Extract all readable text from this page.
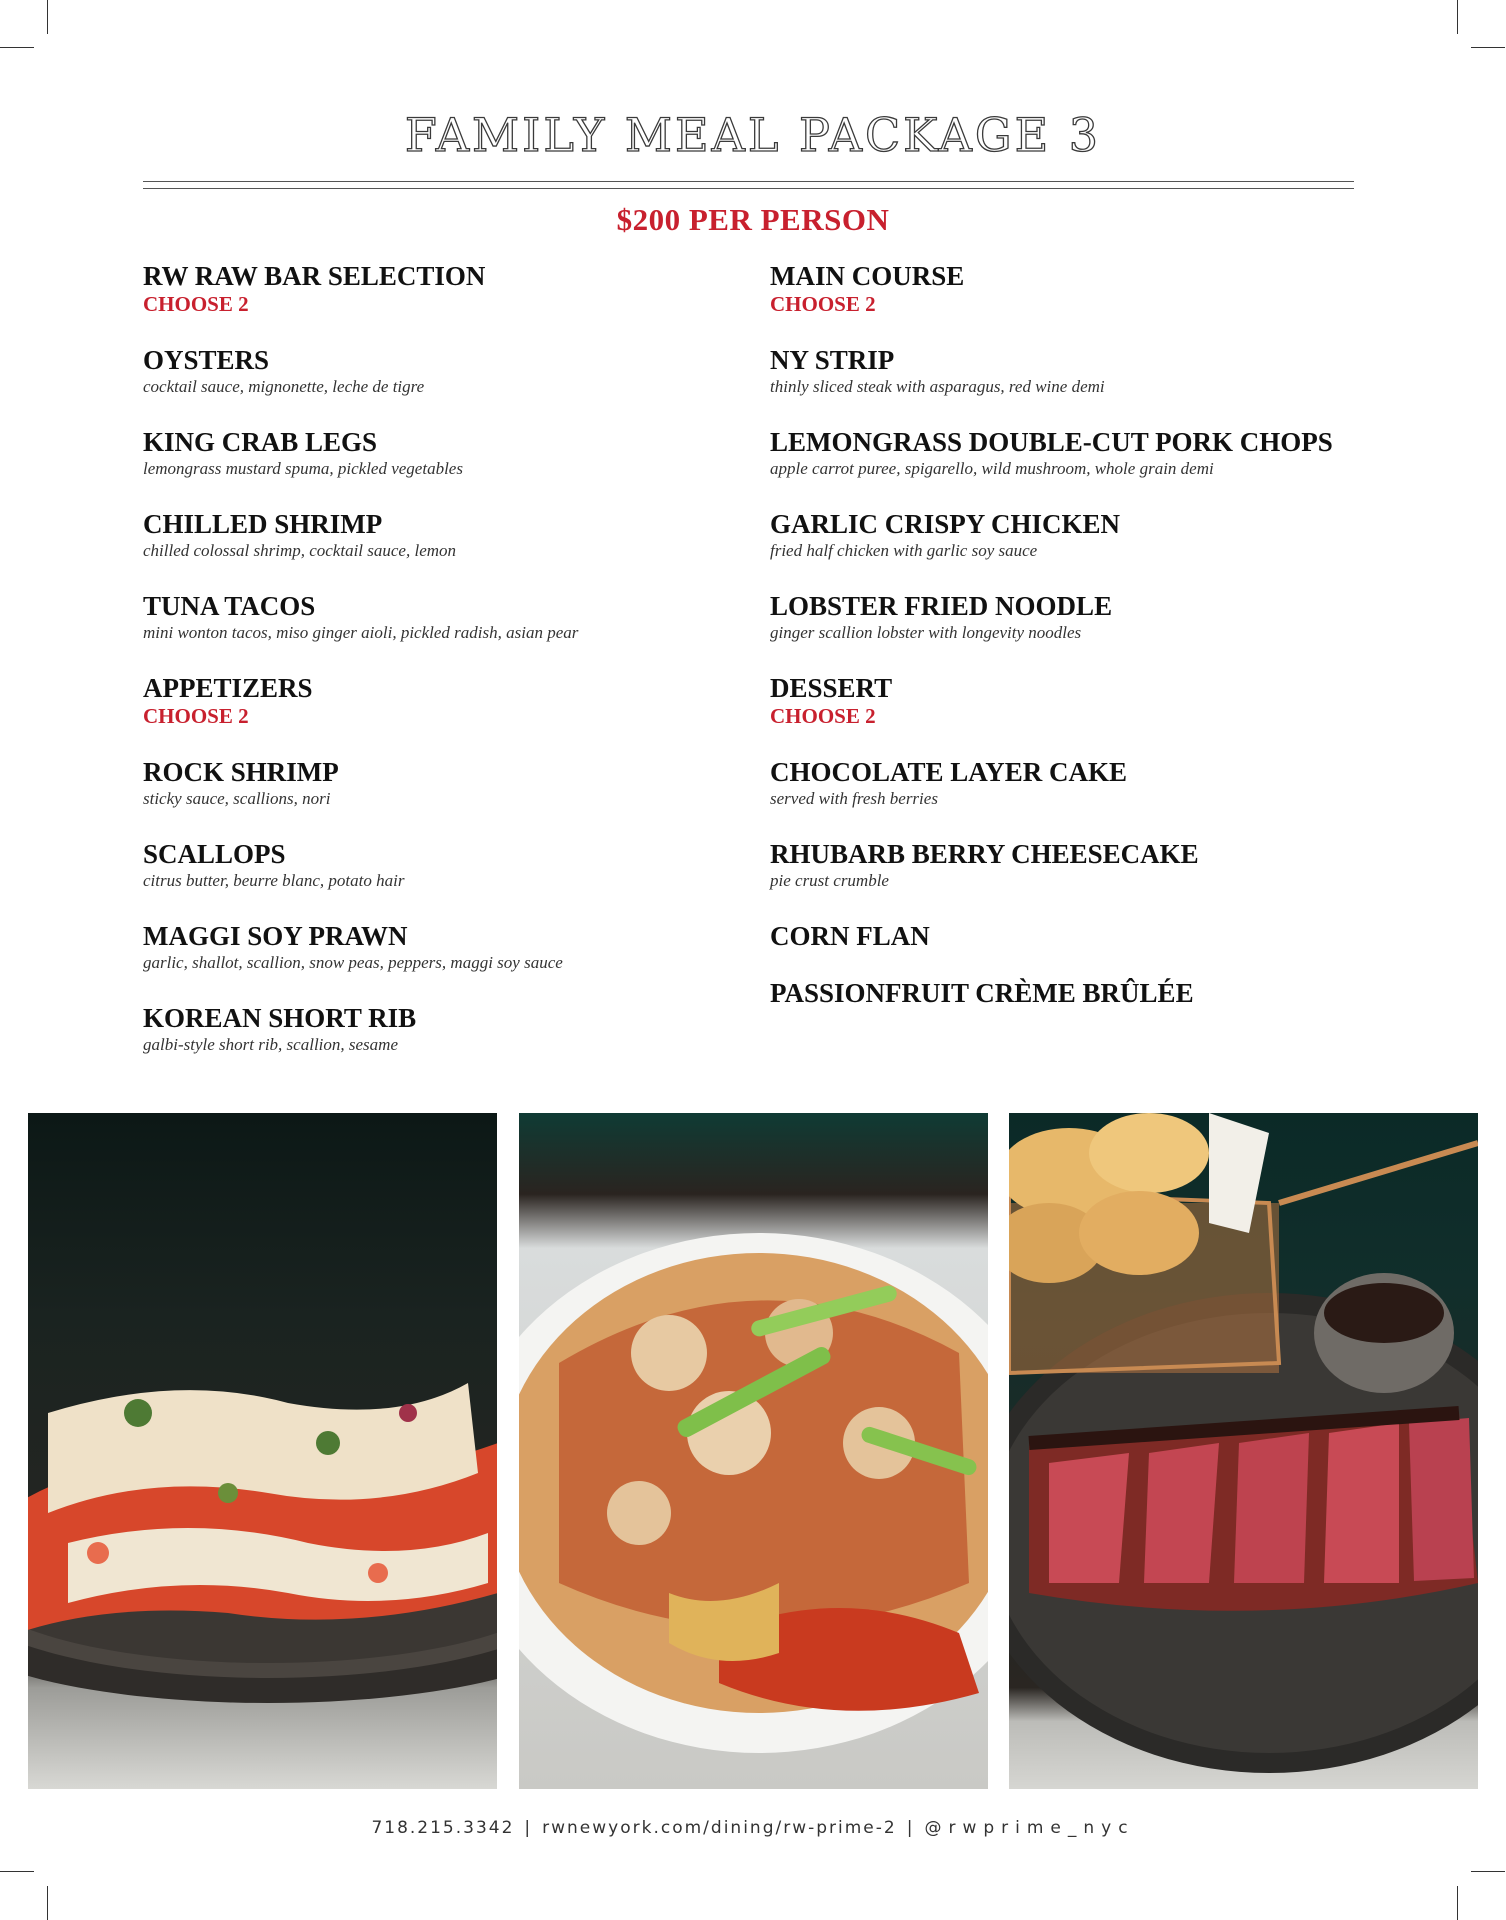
FAMILY MEAL PACKAGE 3
$200 PER PERSON
RW RAW BAR SELECTION
CHOOSE 2
OYSTERS
cocktail sauce, mignonette, leche de tigre
KING CRAB LEGS
lemongrass mustard spuma, pickled vegetables
CHILLED SHRIMP
chilled colossal shrimp, cocktail sauce, lemon
TUNA TACOS
mini wonton tacos, miso ginger aioli, pickled radish, asian pear
APPETIZERS
CHOOSE 2
ROCK SHRIMP
sticky sauce, scallions, nori
SCALLOPS
citrus butter, beurre blanc, potato hair
MAGGI SOY PRAWN
garlic, shallot, scallion, snow peas, peppers, maggi soy sauce
KOREAN SHORT RIB
galbi-style short rib, scallion, sesame
MAIN COURSE
CHOOSE 2
NY STRIP
thinly sliced steak with asparagus, red wine demi
LEMONGRASS DOUBLE-CUT PORK CHOPS
apple carrot puree, spigarello, wild mushroom, whole grain demi
GARLIC CRISPY CHICKEN
fried half chicken with garlic soy sauce
LOBSTER FRIED NOODLE
ginger scallion lobster with longevity noodles
DESSERT
CHOOSE 2
CHOCOLATE LAYER CAKE
served with fresh berries
RHUBARB BERRY CHEESECAKE
pie crust crumble
CORN FLAN
PASSIONFRUIT CRÈME BRÛLÉE
718.215.3342 | rwnewyork.com/dining/rw-prime-2 | @rwprime_nyc
